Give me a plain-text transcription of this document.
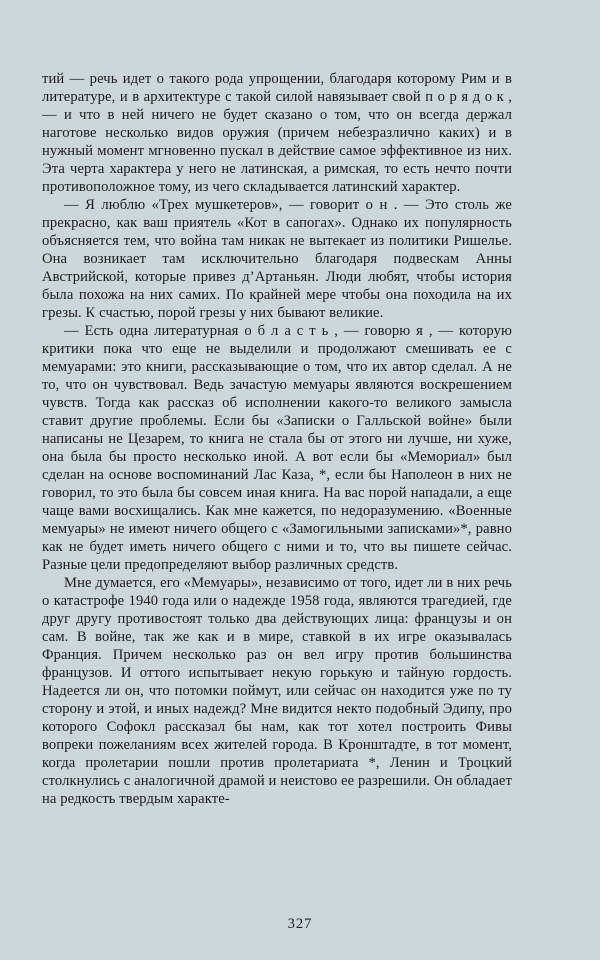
тий — речь идет о такого рода упрощении, благодаря которому Рим и в литературе, и в архитектуре с такой силой навязывает свой п о р я д о к , — и что в ней ничего не будет сказано о том, что он всегда держал наготове несколько видов оружия (причем небезразлично каких) и в нужный момент мгновенно пускал в действие самое эффективное из них. Эта черта характера у него не латинская, а римская, то есть нечто почти противоположное тому, из чего складывается латинский характер.

— Я люблю «Трех мушкетеров», — говорит о н . — Это столь же прекрасно, как ваш приятель «Кот в сапогах». Однако их популярность объясняется тем, что война там никак не вытекает из политики Ришелье. Она возникает там исключительно благодаря подвескам Анны Австрийской, которые привез д’Артаньян. Люди любят, чтобы история была похожа на них самих. По крайней мере чтобы она походила на их грезы. К счастью, порой грезы у них бывают великие.

— Есть одна литературная о б л а с т ь , — говорю я , — которую критики пока что еще не выделили и продолжают смешивать ее с мемуарами: это книги, рассказывающие о том, что их автор сделал. А не то, что он чувствовал. Ведь зачастую мемуары являются воскрешением чувств. Тогда как рассказ об исполнении какого-то великого замысла ставит другие проблемы. Если бы «Записки о Галльской войне» были написаны не Цезарем, то книга не стала бы от этого ни лучше, ни хуже, она была бы просто несколько иной. А вот если бы «Мемориал» был сделан на основе воспоминаний Лас Каза, *, если бы Наполеон в них не говорил, то это была бы совсем иная книга. На вас порой нападали, а еще чаще вами восхищались. Как мне кажется, по недоразумению. «Военные мемуары» не имеют ничего общего с «Замогильными записками»*, равно как не будет иметь ничего общего с ними и то, что вы пишете сейчас. Разные цели предопределяют выбор различных средств.

Мне думается, его «Мемуары», независимо от того, идет ли в них речь о катастрофе 1940 года или о надежде 1958 года, являются трагедией, где друг другу противостоят только два действующих лица: французы и он сам. В войне, так же как и в мире, ставкой в их игре оказывалась Франция. Причем несколько раз он вел игру против большинства французов. И оттого испытывает некую горькую и тайную гордость. Надеется ли он, что потомки поймут, или сейчас он находится уже по ту сторону и этой, и иных надежд? Мне видится некто подобный Эдипу, про которого Софокл рассказал бы нам, как тот хотел построить Фивы вопреки пожеланиям всех жителей города. В Кронштадте, в тот момент, когда пролетарии пошли против пролетариата *, Ленин и Троцкий столкнулись с аналогичной драмой и неистово ее разрешили. Он обладает на редкость твердым характе-

327
